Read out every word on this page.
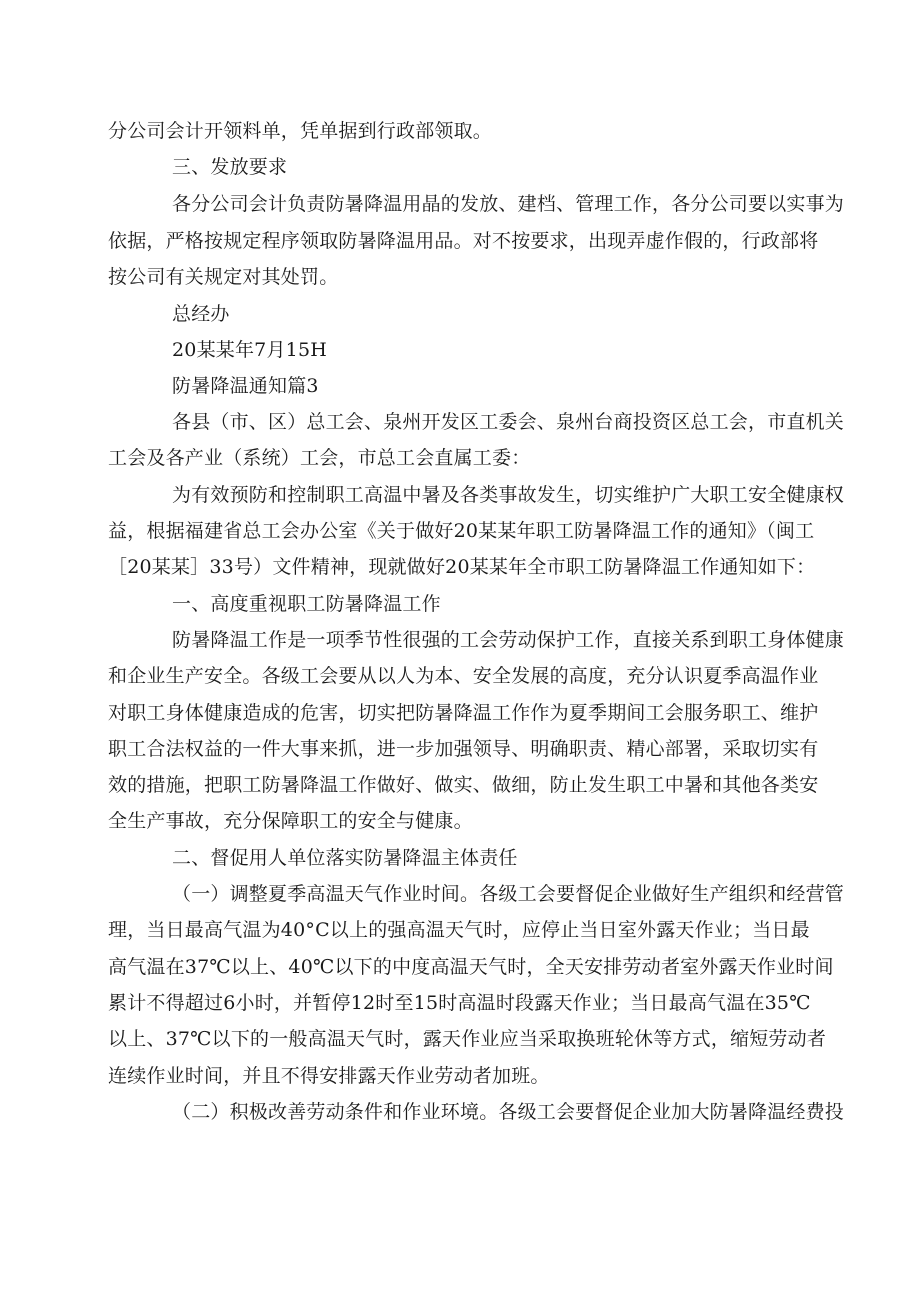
分公司会计开领料单，凭单据到行政部领取。
三、发放要求
各分公司会计负责防暑降温用晶的发放、建档、管理工作，各分公司要以实事为
依据，严格按规定程序领取防暑降温用品。对不按要求，出现弄虚作假的，行政部将
按公司有关规定对其处罚。
总经办
20某某年7月15H
防暑降温通知篇3
各县（市、区）总工会、泉州开发区工委会、泉州台商投资区总工会，市直机关
工会及各产业（系统）工会，市总工会直属工委：
为有效预防和控制职工高温中暑及各类事故发生，切实维护广大职工安全健康权
益，根据福建省总工会办公室《关于做好20某某年职工防暑降温工作的通知》（闽工
［20某某］33号）文件精神，现就做好20某某年全市职工防暑降温工作通知如下：
一、高度重视职工防暑降温工作
防暑降温工作是一项季节性很强的工会劳动保护工作，直接关系到职工身体健康
和企业生产安全。各级工会要从以人为本、安全发展的高度，充分认识夏季高温作业
对职工身体健康造成的危害，切实把防暑降温工作作为夏季期间工会服务职工、维护
职工合法权益的一件大事来抓，进一步加强领导、明确职责、精心部署，采取切实有
效的措施，把职工防暑降温工作做好、做实、做细，防止发生职工中暑和其他各类安
全生产事故，充分保障职工的安全与健康。
二、督促用人单位落实防暑降温主体责任
（一）调整夏季高温天气作业时间。各级工会要督促企业做好生产组织和经营管
理，当日最高气温为40°C以上的强高温天气时，应停止当日室外露天作业；当日最
高气温在37℃以上、40℃以下的中度高温天气时，全天安排劳动者室外露天作业时间
累计不得超过6小时，并暂停12时至15时高温时段露天作业；当日最高气温在35℃
以上、37℃以下的一般高温天气时，露天作业应当采取换班轮休等方式，缩短劳动者
连续作业时间，并且不得安排露天作业劳动者加班。
（二）积极改善劳动条件和作业环境。各级工会要督促企业加大防暑降温经费投
